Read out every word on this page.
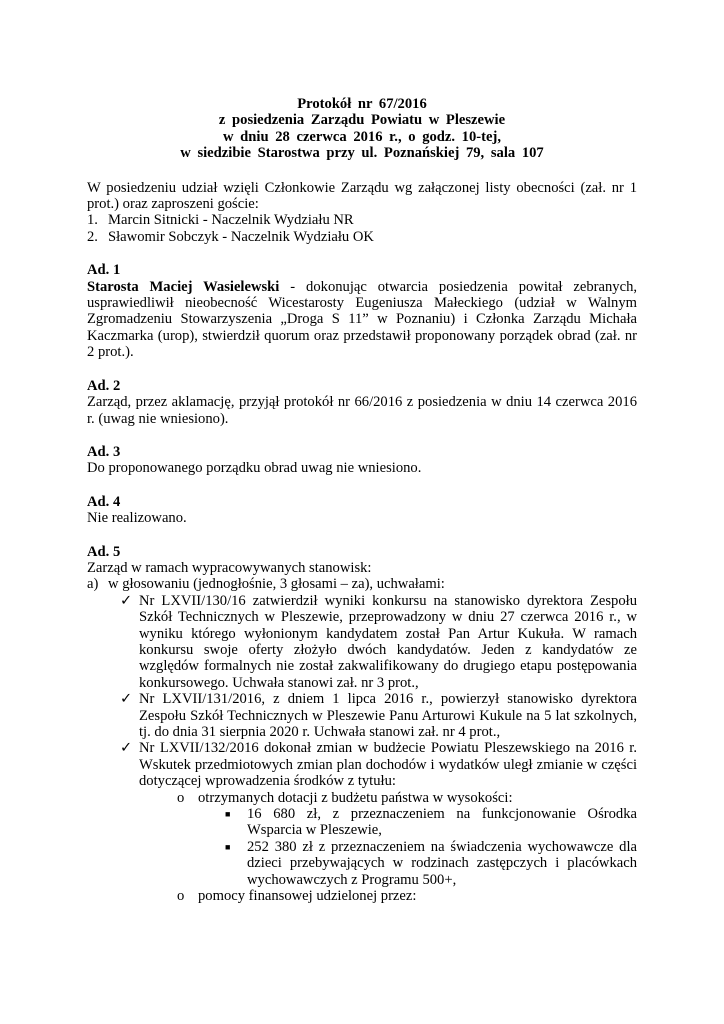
Protokół nr 67/2016
z posiedzenia Zarządu Powiatu w Pleszewie
w dniu 28 czerwca 2016 r., o godz. 10-tej,
w siedzibie Starostwa przy ul. Poznańskiej 79, sala 107

W posiedzeniu udział wzięli Członkowie Zarządu wg załączonej listy obecności (zał. nr 1 prot.) oraz zaproszeni goście:

1. Marcin Sitnicki - Naczelnik Wydziału NR
2. Sławomir Sobczyk - Naczelnik Wydziału OK

Ad. 1

Starosta Maciej Wasielewski - dokonując otwarcia posiedzenia powitał zebranych, usprawiedliwił nieobecność Wicestarosty Eugeniusza Małeckiego (udział w Walnym Zgromadzeniu Stowarzyszenia „Droga S 11” w Poznaniu) i Członka Zarządu Michała Kaczmarka (urop), stwierdził quorum oraz przedstawił proponowany porządek obrad (zał. nr 2 prot.).

Ad. 2

Zarząd, przez aklamację, przyjął protokół nr 66/2016 z posiedzenia w dniu 14 czerwca 2016 r. (uwag nie wniesiono).

Ad. 3

Do proponowanego porządku obrad uwag nie wniesiono.

Ad. 4

Nie realizowano.

Ad. 5

Zarząd w ramach wypracowywanych stanowisk:

a) w głosowaniu (jednogłośnie, 3 głosami – za), uchwałami:
✓ Nr LXVII/130/16 zatwierdził wyniki konkursu na stanowisko dyrektora Zespołu Szkół Technicznych w Pleszewie, przeprowadzony w dniu 27 czerwca 2016 r., w wyniku którego wyłonionym kandydatem został Pan Artur Kukuła. W ramach konkursu swoje oferty złożyło dwóch kandydatów. Jeden z kandydatów ze względów formalnych nie został zakwalifikowany do drugiego etapu postępowania konkursowego. Uchwała stanowi zał. nr 3 prot.,
✓ Nr LXVII/131/2016, z dniem 1 lipca 2016 r., powierzył stanowisko dyrektora Zespołu Szkół Technicznych w Pleszewie Panu Arturowi Kukule na 5 lat szkolnych, tj. do dnia 31 sierpnia 2020 r. Uchwała stanowi zał. nr 4 prot.,
✓ Nr LXVII/132/2016 dokonał zmian w budżecie Powiatu Pleszewskiego na 2016 r. Wskutek przedmiotowych zmian plan dochodów i wydatków uległ zmianie w części dotyczącej wprowadzenia środków z tytułu:
o otrzymanych dotacji z budżetu państwa w wysokości:
■ 16 680 zł, z przeznaczeniem na funkcjonowanie Ośrodka Wsparcia w Pleszewie,
■ 252 380 zł z przeznaczeniem na świadczenia wychowawcze dla dzieci przebywających w rodzinach zastępczych i placówkach wychowawczych z Programu 500+,
o pomocy finansowej udzielonej przez:
